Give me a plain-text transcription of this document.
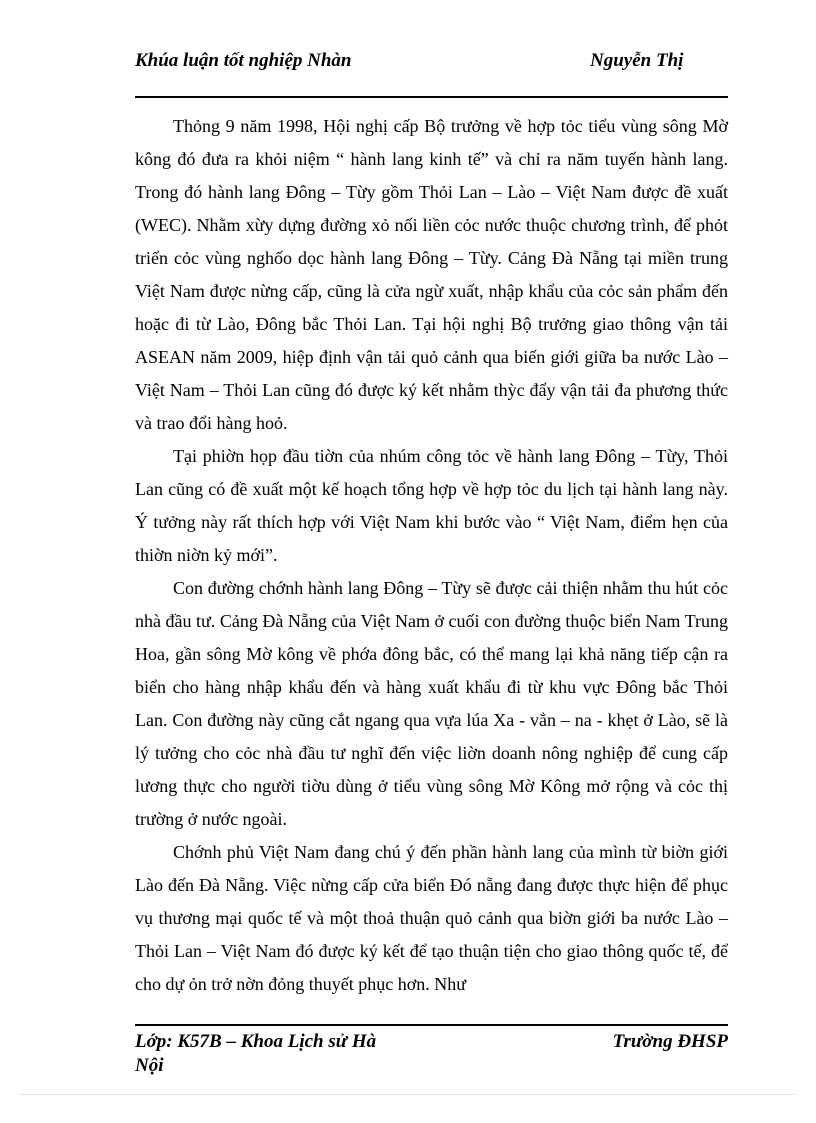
Khúa luận tốt nghiệp Nhàn	Nguyễn Thị

Thỏng 9 năm 1998, Hội nghị cấp Bộ trưởng về hợp tỏc tiểu vùng sông Mờ kông đó đưa ra khỏi niệm “ hành lang kinh tế” và chỉ ra năm tuyến hành lang. Trong đó hành lang Đông – Từy gồm Thỏi Lan – Lào – Việt Nam được đề xuất (WEC). Nhằm xừy dựng đường xỏ nối liền cỏc nước thuộc chương trình, để phỏt triển cỏc vùng nghốo dọc hành lang Đông – Từy. Cảng Đà Nẵng tại miền trung Việt Nam được nừng cấp, cũng là cửa ngừ xuất, nhập khẩu của cỏc sản phẩm đến hoặc đi từ Lào, Đông bắc Thỏi Lan. Tại hội nghị Bộ trưởng giao thông vận tải ASEAN năm 2009, hiệp định vận tải quỏ cảnh qua biến giới giữa ba nước Lào – Việt Nam – Thỏi Lan cũng đó được ký kết nhằm thỳc đẩy vận tải đa phương thức và trao đổi hàng hoỏ.

Tại phiờn họp đầu tiờn của nhúm công tỏc về hành lang Đông – Từy, Thỏi Lan cũng có đề xuất một kế hoạch tổng hợp về hợp tỏc du lịch tại hành lang này. Ý tưởng này rất thích hợp với Việt Nam khi bước vào “ Việt Nam, điểm hẹn của thiờn niờn kỷ mới”.

Con đường chớnh hành lang Đông – Từy sẽ được cải thiện nhằm thu hút cỏc nhà đầu tư. Cảng Đà Nẵng của Việt Nam ở cuối con đường thuộc biển Nam Trung Hoa, gần sông Mờ kông về phớa đông bắc, có thể mang lại khả năng tiếp cận ra biển cho hàng nhập khẩu đến và hàng xuất khẩu đi từ khu vực Đông bắc Thỏi Lan. Con đường này cũng cắt ngang qua vựa lúa Xa - vẳn – na - khẹt ở Lào, sẽ là lý tưởng cho cỏc nhà đầu tư nghĩ đến việc liờn doanh nông nghiệp để cung cấp lương thực cho người tiờu dùng ở tiểu vùng sông Mờ Kông mở rộng và cỏc thị trường ở nước ngoài.

Chớnh phủ Việt Nam đang chú ý đến phần hành lang của mình từ biờn giới Lào đến Đà Nẵng. Việc nừng cấp cửa biển Đó nẵng đang được thực hiện để phục vụ thương mại quốc tế và một thoả thuận quỏ cảnh qua biờn giới ba nước Lào – Thỏi Lan – Việt Nam đó được ký kết để tạo thuận tiện cho giao thông quốc tế, để cho dự ỏn trở nờn đỏng thuyết phục hơn. Như

Lớp: K57B – Khoa Lịch sử Hà Nội
Trường ĐHSP
